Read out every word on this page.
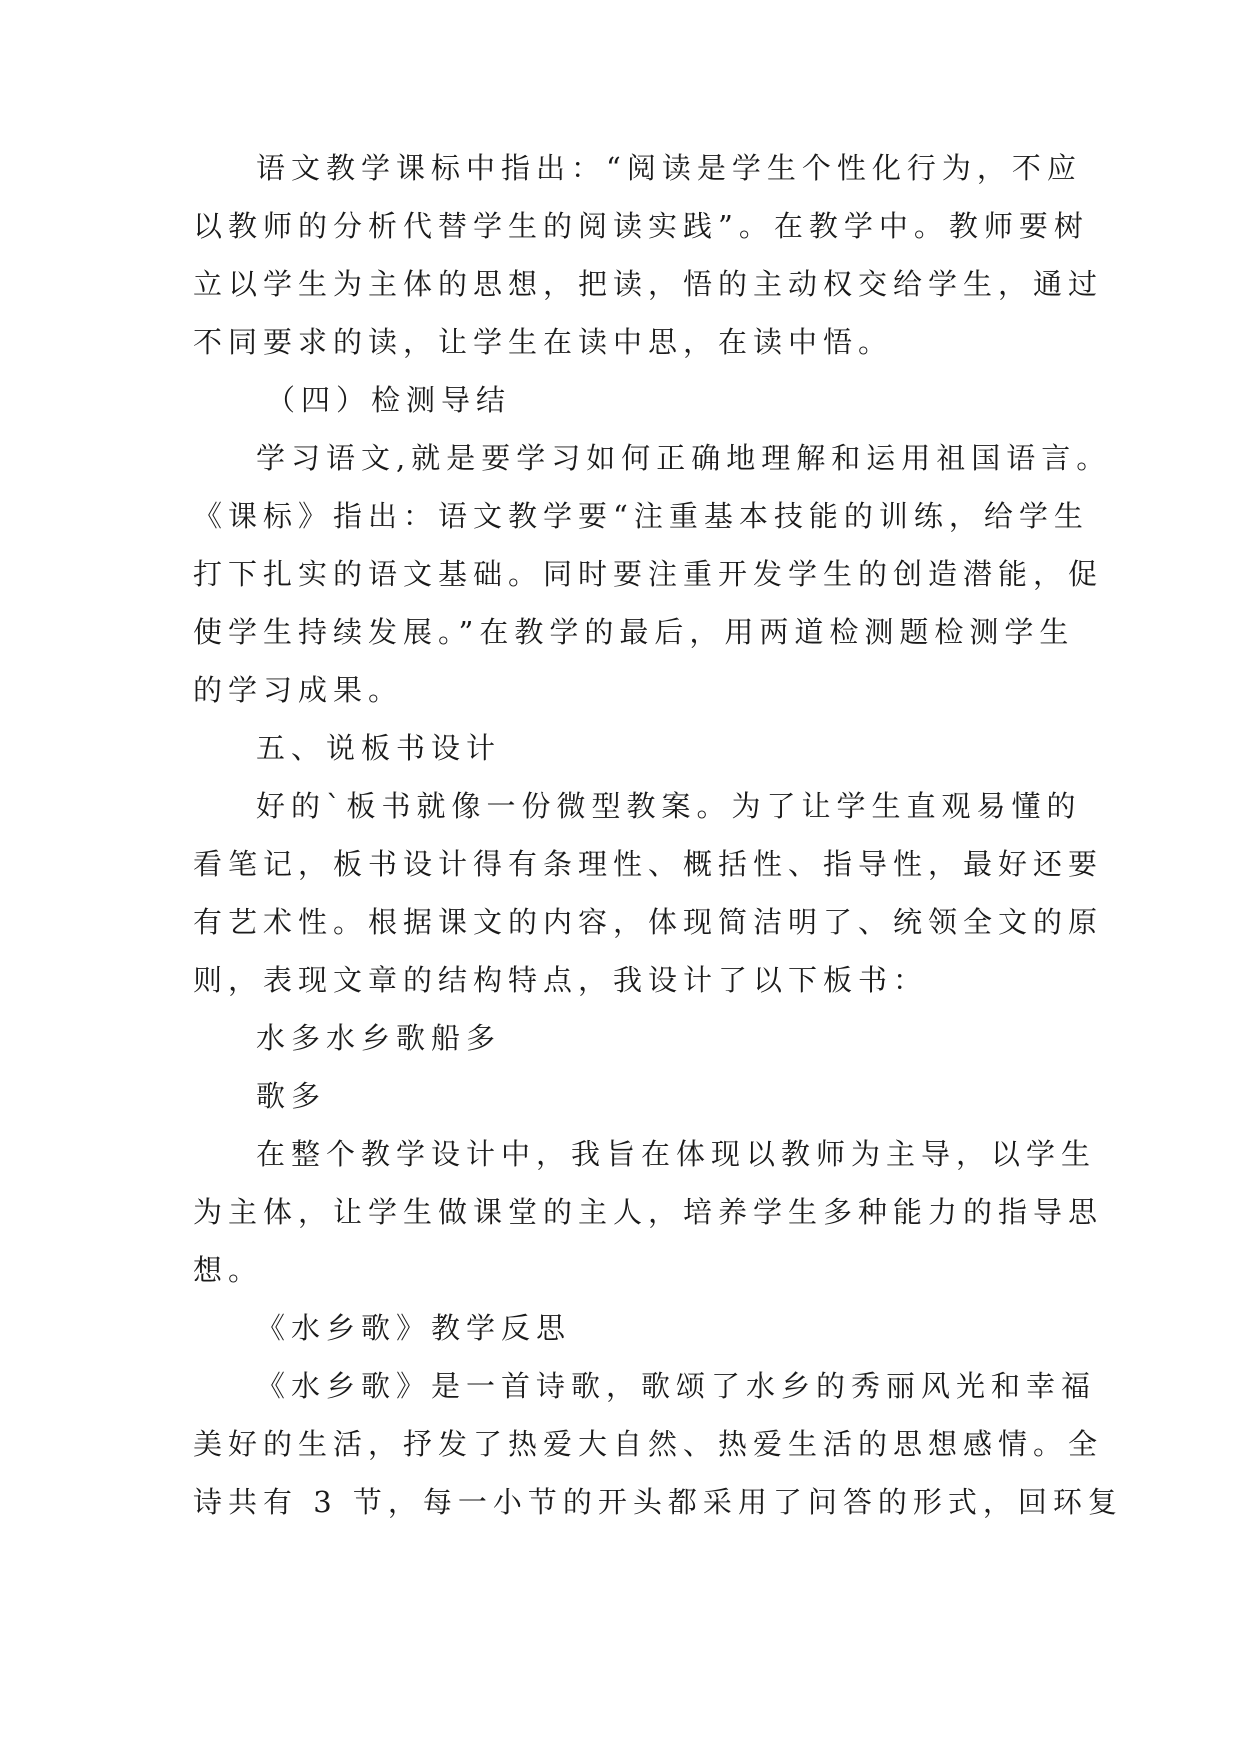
语文教学课标中指出：“阅读是学生个性化行为，不应

以教师的分析代替学生的阅读实践”。在教学中。教师要树

立以学生为主体的思想，把读，悟的主动权交给学生，通过

不同要求的读，让学生在读中思，在读中悟。

（四）检测导结

学习语文,就是要学习如何正确地理解和运用祖国语言。

《课标》指出：语文教学要“注重基本技能的训练，给学生

打下扎实的语文基础。同时要注重开发学生的创造潜能，促

使学生持续发展。”在教学的最后，用两道检测题检测学生

的学习成果。

五、说板书设计

好的`板书就像一份微型教案。为了让学生直观易懂的

看笔记，板书设计得有条理性、概括性、指导性，最好还要

有艺术性。根据课文的内容，体现简洁明了、统领全文的原

则，表现文章的结构特点，我设计了以下板书：

水多水乡歌船多

歌多

在整个教学设计中，我旨在体现以教师为主导，以学生

为主体，让学生做课堂的主人，培养学生多种能力的指导思

想。

《水乡歌》教学反思

《水乡歌》是一首诗歌，歌颂了水乡的秀丽风光和幸福

美好的生活，抒发了热爱大自然、热爱生活的思想感情。全

诗共有 3 节，每一小节的开头都采用了问答的形式，回环复
